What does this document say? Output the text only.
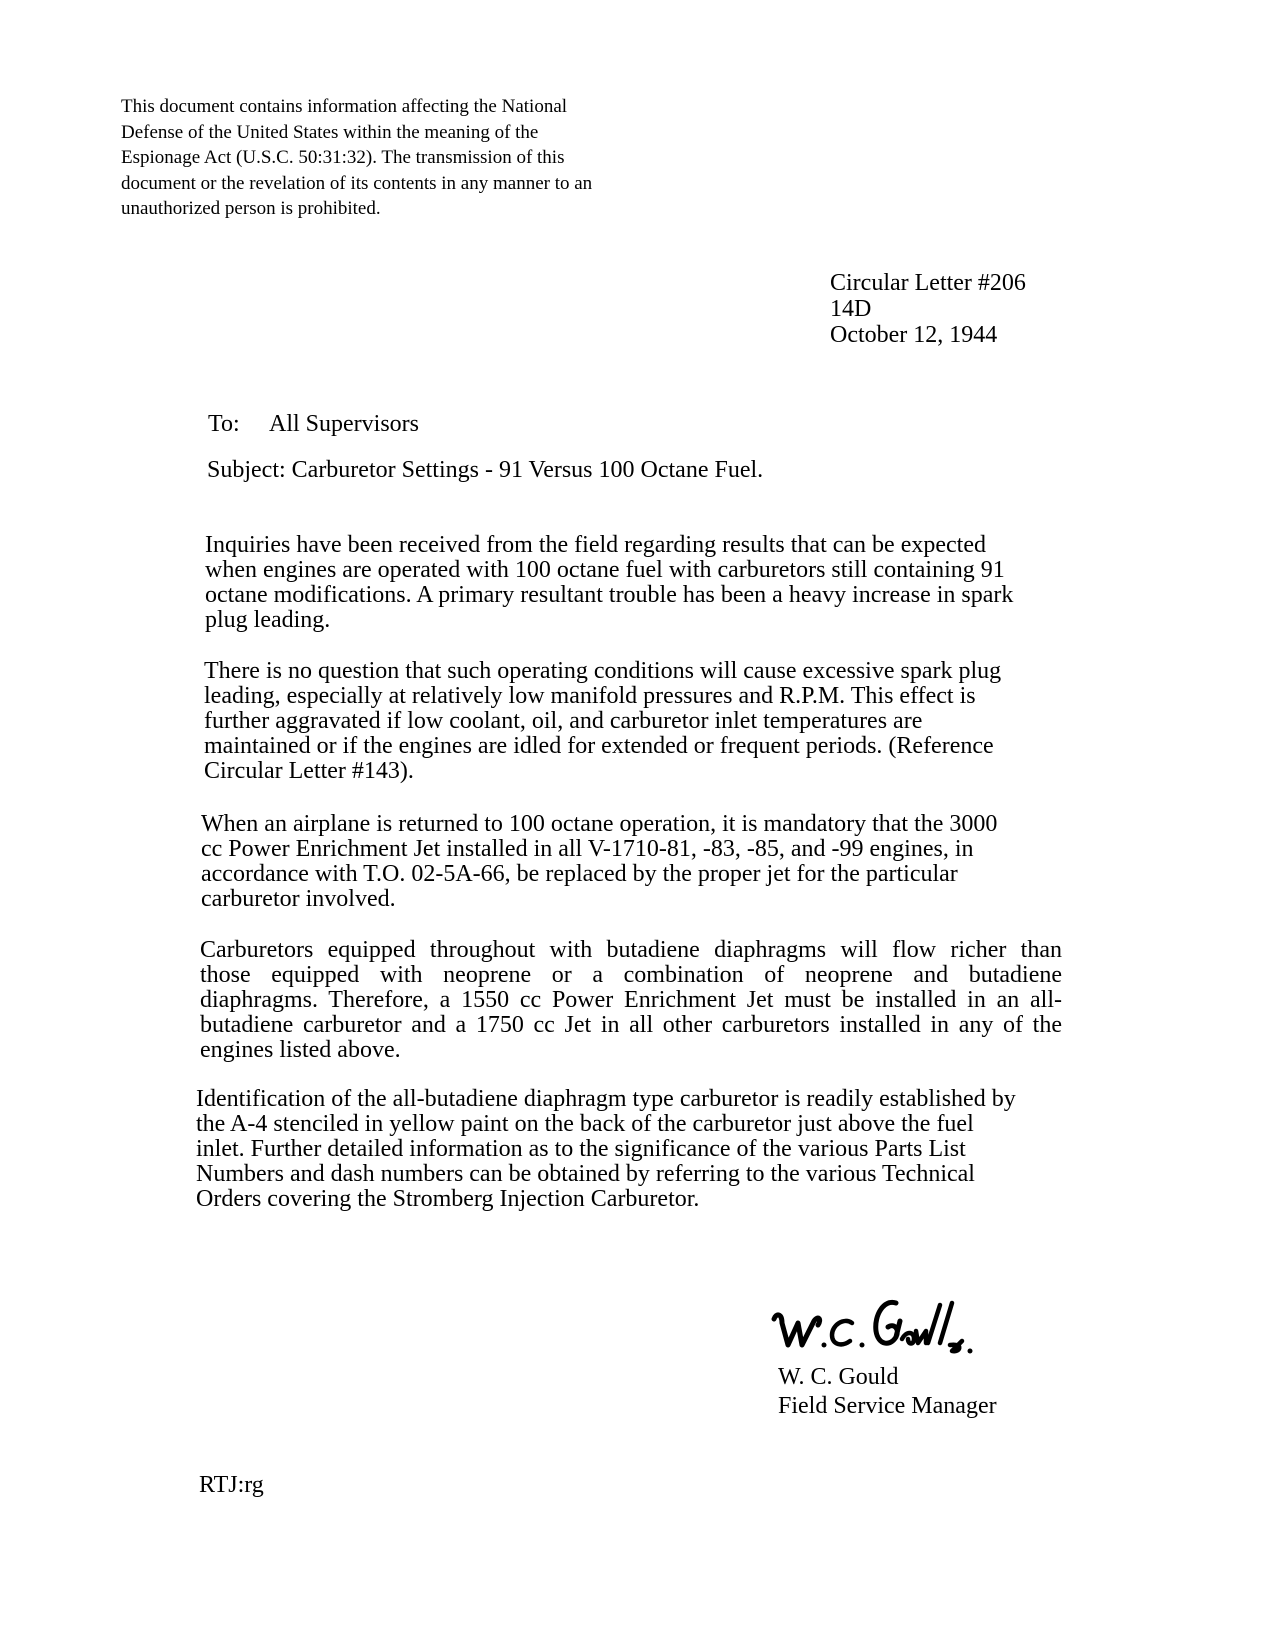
This document contains information affecting the National
Defense of the United States within the meaning of the
Espionage Act (U.S.C. 50:31:32). The transmission of this
document or the revelation of its contents in any manner to an
unauthorized person is prohibited.
Circular Letter #206
14D
October 12, 1944
To: All Supervisors
Subject: Carburetor Settings - 91 Versus 100 Octane Fuel.
Inquiries have been received from the field regarding results that can be expected
when engines are operated with 100 octane fuel with carburetors still containing 91
octane modifications. A primary resultant trouble has been a heavy increase in spark
plug leading.
There is no question that such operating conditions will cause excessive spark plug
leading, especially at relatively low manifold pressures and R.P.M. This effect is
further aggravated if low coolant, oil, and carburetor inlet temperatures are
maintained or if the engines are idled for extended or frequent periods. (Reference
Circular Letter #143).
When an airplane is returned to 100 octane operation, it is mandatory that the 3000
cc Power Enrichment Jet installed in all V-1710-81, -83, -85, and -99 engines, in
accordance with T.O. 02-5A-66, be replaced by the proper jet for the particular
carburetor involved.
Carburetors equipped throughout with butadiene diaphragms will flow richer than
those equipped with neoprene or a combination of neoprene and butadiene
diaphragms. Therefore, a 1550 cc Power Enrichment Jet must be installed in an all-
butadiene carburetor and a 1750 cc Jet in all other carburetors installed in any of the
engines listed above.
Identification of the all-butadiene diaphragm type carburetor is readily established by
the A-4 stenciled in yellow paint on the back of the carburetor just above the fuel
inlet. Further detailed information as to the significance of the various Parts List
Numbers and dash numbers can be obtained by referring to the various Technical
Orders covering the Stromberg Injection Carburetor.
W. C. Gould
Field Service Manager
RTJ:rg
